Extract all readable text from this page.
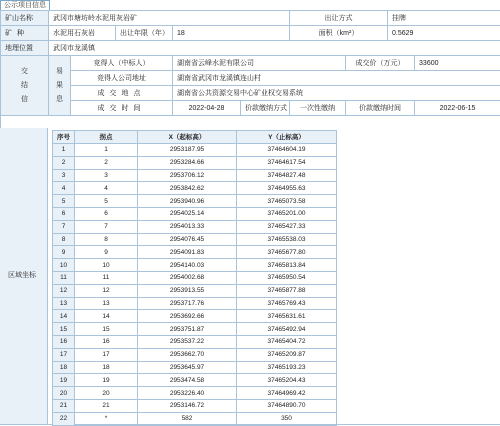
公示项目信息
矿山名称	武冈市塘坊岭水泥用灰岩矿					出让方式		挂牌	
矿种	水泥用石灰岩		出让年限（年）	18		面积（km²）		0.5629	
地理位置	武冈市龙溪镇								

交
结
信	易
果
息	竞得人（中标人）		湖南省云峰水泥有限公司			成交价（万元）		33600
		竞得人公司地址		湖南省武冈市龙溪镇连山村					
		成交地点		湖南省公共资源交易中心矿业权交易系统					
		成交时间		2022-04-28	价款缴纳方式	一次性缴纳	价款缴纳时间		2022-06-15
区域坐标
序号	拐点	X（起标高）	Y（止标高）
1	1	2953187.95	37464604.19
2	2	2953284.66	37464617.54
3	3	2953706.12	37464827.48
4	4	2953842.62	37464955.63
5	5	2953940.96	37465073.58
6	6	2954025.14	37465201.00
7	7	2954013.33	37465427.33
8	8	2954076.45	37465538.03
9	9	2954091.83	37465677.80
10	10	2954140.03	37465813.84
11	11	2954002.68	37465950.54
12	12	2953913.55	37465877.88
13	13	2953717.76	37465769.43
14	14	2953692.66	37465631.61
15	15	2953751.87	37465492.94
16	16	2953537.22	37465404.72
17	17	2953662.70	37465209.87
18	18	2953645.97	37465193.23
19	19	2953474.58	37465204.43
20	20	2953226.40	37464969.42
21	21	2953146.72	37464890.70
22	*	582	350
